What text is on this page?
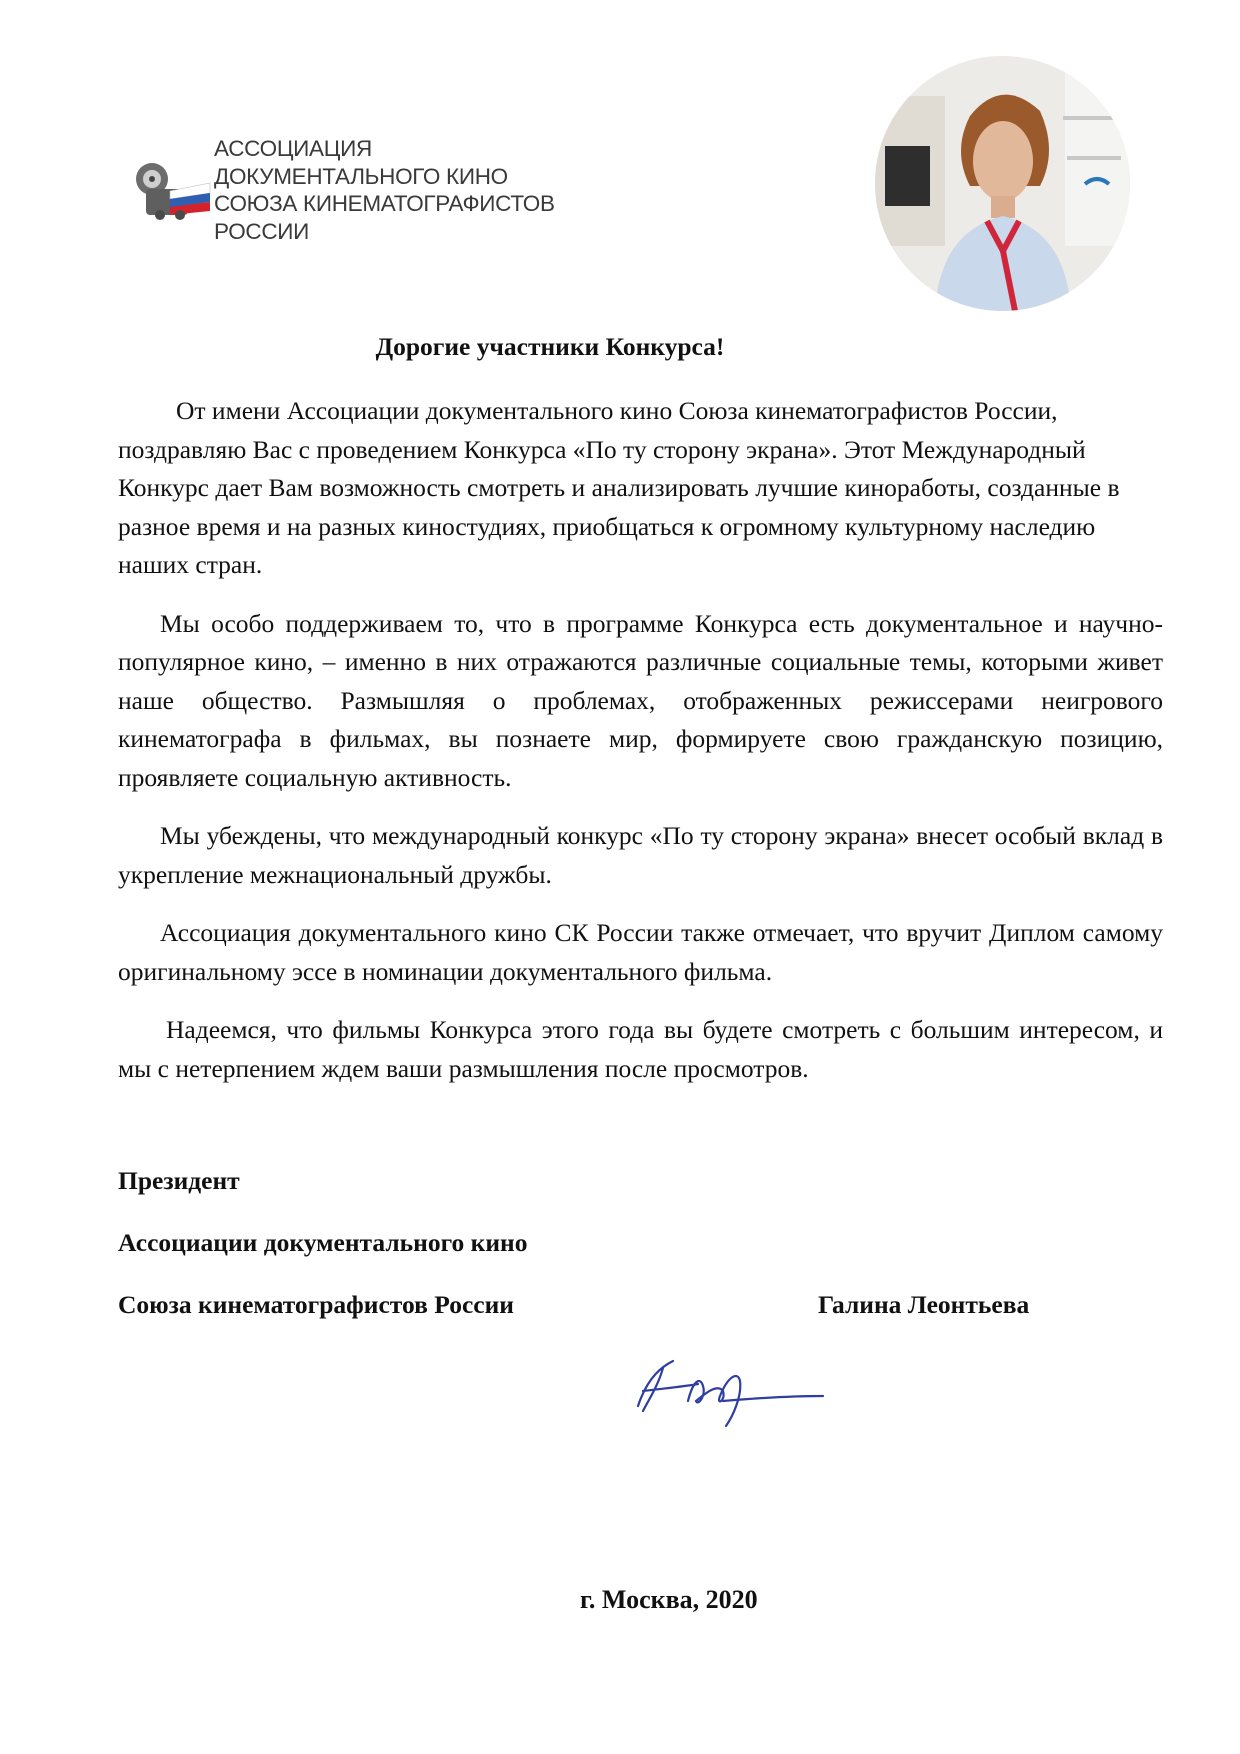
АССОЦИАЦИЯ
ДОКУМЕНТАЛЬНОГО КИНО
СОЮЗА КИНЕМАТОГРАФИСТОВ
РОССИИ
Дорогие участники Конкурса!

От имени Ассоциации документального кино Союза кинематографистов России, поздравляю Вас с проведением Конкурса «По ту сторону экрана». Этот Международный Конкурс дает Вам возможность смотреть и анализировать лучшие киноработы, созданные в разное время и на разных киностудиях, приобщаться к огромному культурному наследию наших стран.

Мы особо поддерживаем то, что в программе Конкурса есть документальное и научно-популярное кино, – именно в них отражаются различные социальные темы, которыми живет наше общество. Размышляя о проблемах, отображенных режиссерами неигрового кинематографа в фильмах, вы познаете мир, формируете свою гражданскую позицию, проявляете социальную активность.

Мы убеждены, что международный конкурс «По ту сторону экрана» внесет особый вклад в укрепление межнациональный дружбы.

Ассоциация документального кино СК России также отмечает, что вручит Диплом самому оригинальному эссе в номинации документального фильма.

Надеемся, что фильмы Конкурса этого года вы будете смотреть с большим интересом, и мы с нетерпением ждем ваши размышления после просмотров.

Президент
Ассоциации документального кино
Союза кинематографистов России	Галина Леонтьева
г. Москва, 2020
